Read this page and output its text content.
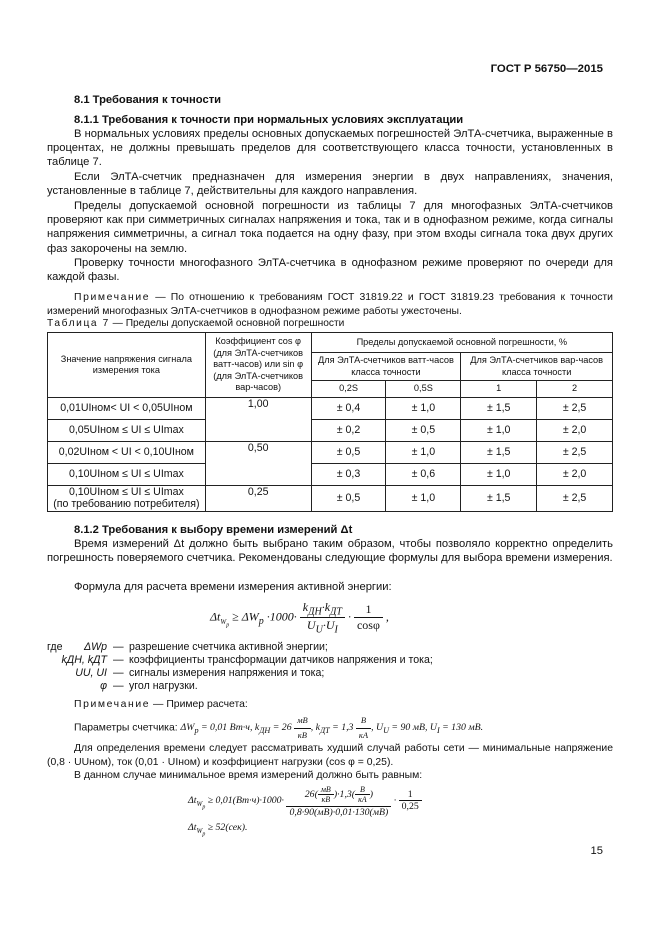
ГОСТ Р 56750—2015
8.1 Требования к точности
8.1.1 Требования к точности при нормальных условиях эксплуатации
В нормальных условиях пределы основных допускаемых погрешностей ЭлТА-счетчика, выраженные в процентах, не должны превышать пределов для соответствующего класса точности, установленных в таблице 7.
Если ЭлТА-счетчик предназначен для измерения энергии в двух направлениях, значения, установленные в таблице 7, действительны для каждого направления.
Пределы допускаемой основной погрешности из таблицы 7 для многофазных ЭлТА-счетчиков проверяют как при симметричных сигналах напряжения и тока, так и в однофазном режиме, когда сигналы напряжения симметричны, а сигнал тока подается на одну фазу, при этом входы сигнала тока двух других фаз закорочены на землю.
Проверку точности многофазного ЭлТА-счетчика в однофазном режиме проверяют по очереди для каждой фазы.
Примечание — По отношению к требованиям ГОСТ 31819.22 и ГОСТ 31819.23 требования к точности измерений многофазных ЭлТА-счетчиков в однофазном режиме работы ужесточены.
Таблица 7 — Пределы допускаемой основной погрешности
Значение напряжения сигнала измерения тока	Коэффициент cos φ (для ЭлТА-счетчиков ватт-часов) или sin φ (для ЭлТА-счетчиков вар-часов)	Пределы допускаемой основной погрешности, %			
		Для ЭлТА-счетчиков ватт-часов класса точности		Для ЭлТА-счетчиков вар-часов класса точности	
		0,2S	0,5S	1	2
0,01UIном< UI < 0,05UIном	1,00	± 0,4	± 1,0	± 1,5	± 2,5
0,05UIном ≤ UI ≤ UImax		± 0,2	± 0,5	± 1,0	± 2,0
0,02UIном < UI < 0,10UIном	0,50	± 0,5	± 1,0	± 1,5	± 2,5
0,10UIном ≤ UI ≤ UImax		± 0,3	± 0,6	± 1,0	± 2,0
0,10UIном ≤ UI ≤ UImax
(по требованию потребителя)	0,25	± 0,5	± 1,0	± 1,5	± 2,5
8.1.2 Требования к выбору времени измерений Δt
Время измерений Δt должно быть выбрано таким образом, чтобы позволяло корректно определить погрешность поверяемого счетчика. Рекомендованы следующие формулы для выбора времени измерения.
Формула для расчета времени измерения активной энергии:
$\Delta t_{W_p} \ge \Delta W_p \cdot 1000\cdot \frac{k_{ДН}\cdot k_{ДТ}}{U_U\cdot U_I} \cdot \frac{1}{\cos\varphi}$ ,
где	ΔWp — разрешение счетчика активной энергии;
kДН, kДТ — коэффициенты трансформации датчиков напряжения и тока;
UU, UI — сигналы измерения напряжения и тока;
φ — угол нагрузки.
Примечание — Пример расчета:
Параметры счетчика: $\Delta W_p = 0,01$ Вт·ч, $k_{ДН} = 26 \frac{мВ}{кВ}$ , $k_{ДТ} = 1,3 \frac{В}{кА}$ , $U_U = 90$ мВ, $U_I = 130$ мВ.
Для определения времени следует рассматривать худший случай работы сети — минимальные напряжение (0,8 · UUном), ток (0,01 · UIном) и коэффициент нагрузки (cos φ = 0,25).
В данном случае минимальное время измерений должно быть равным:
$\Delta t_{W_p} \ge 0,01(Вт\cdot ч)\cdot 1000\cdot \frac{26( \frac{мВ}{кВ} )\cdot 1,3( \frac{В}{кА} )}{0,8\cdot 90(мВ)\cdot 0,01\cdot 130(мВ)} \cdot \frac{1}{0,25}$
$\Delta t_{W_p} \ge 52(сек)$.
15
